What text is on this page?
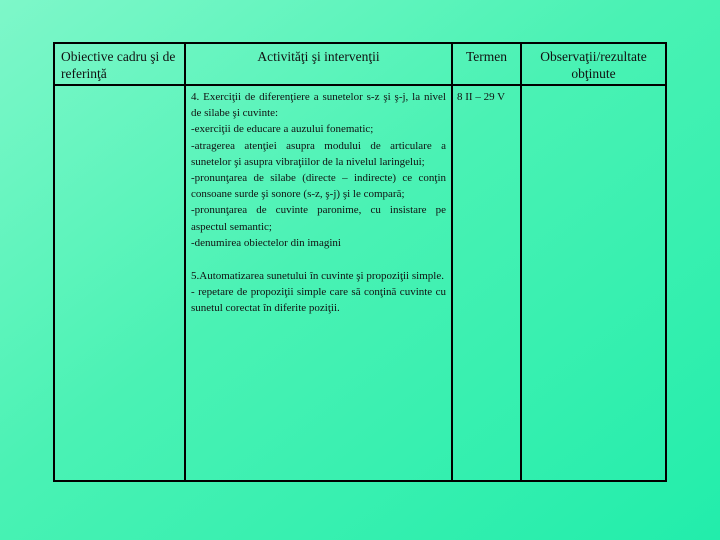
Obiective cadru şi de referinţă
Activităţi şi intervenţii	Termen	Observaţii/rezultate obţinute

4. Exerciţii de diferenţiere a sunetelor s-z şi ş-j, la nivel de silabe şi cuvinte:

-exerciţii de educare a auzului fonematic;

-atragerea atenţiei asupra modului de articulare a sunetelor şi asupra vibraţiilor de la nivelul laringelui;

-pronunţarea de silabe (directe – indirecte) ce conţin consoane surde şi sonore (s-z, ş-j) şi le compară;

-pronunţarea de cuvinte paronime, cu insistare pe aspectul semantic;

-denumirea obiectelor din imagini

5.Automatizarea sunetului în cuvinte şi propoziţii simple.

- repetare de propoziţii simple care să conţină cuvinte cu sunetul corectat în diferite poziţii.

8 II – 29 V
